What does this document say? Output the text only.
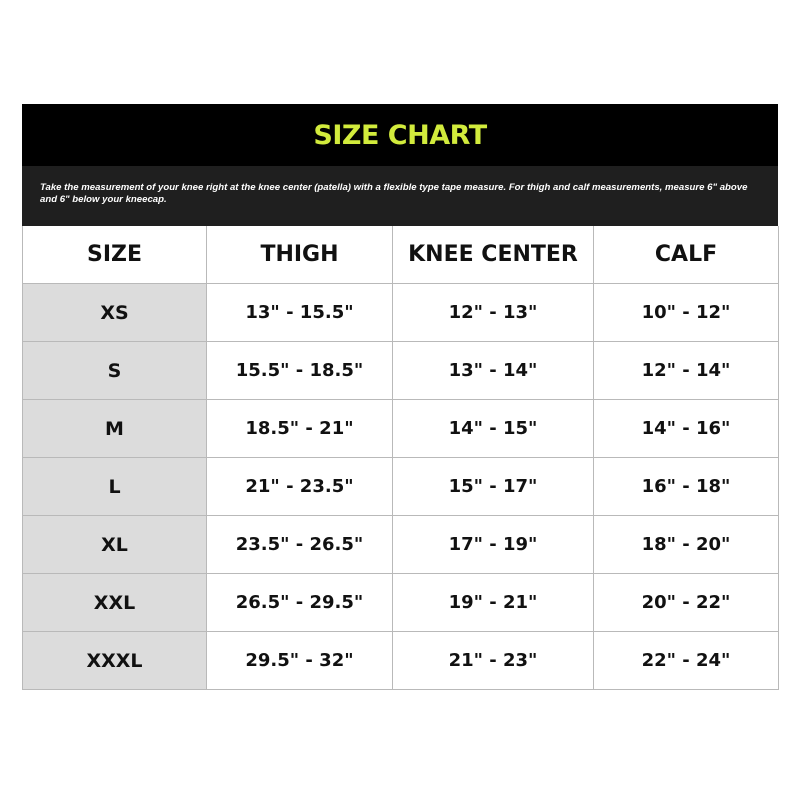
SIZE CHART

Take the measurement of your knee right at the knee center (patella) with a flexible type tape measure. For thigh and calf measurements, measure 6" above and 6" below your kneecap.

SIZE	THIGH	KNEE CENTER	CALF
XS	13" - 15.5"	12" - 13"	10" - 12"
S	15.5" - 18.5"	13" - 14"	12" - 14"
M	18.5" - 21"	14" - 15"	14" - 16"
L	21" - 23.5"	15" - 17"	16" - 18"
XL	23.5" - 26.5"	17" - 19"	18" - 20"
XXL	26.5" - 29.5"	19" - 21"	20" - 22"
XXXL	29.5" - 32"	21" - 23"	22" - 24"
